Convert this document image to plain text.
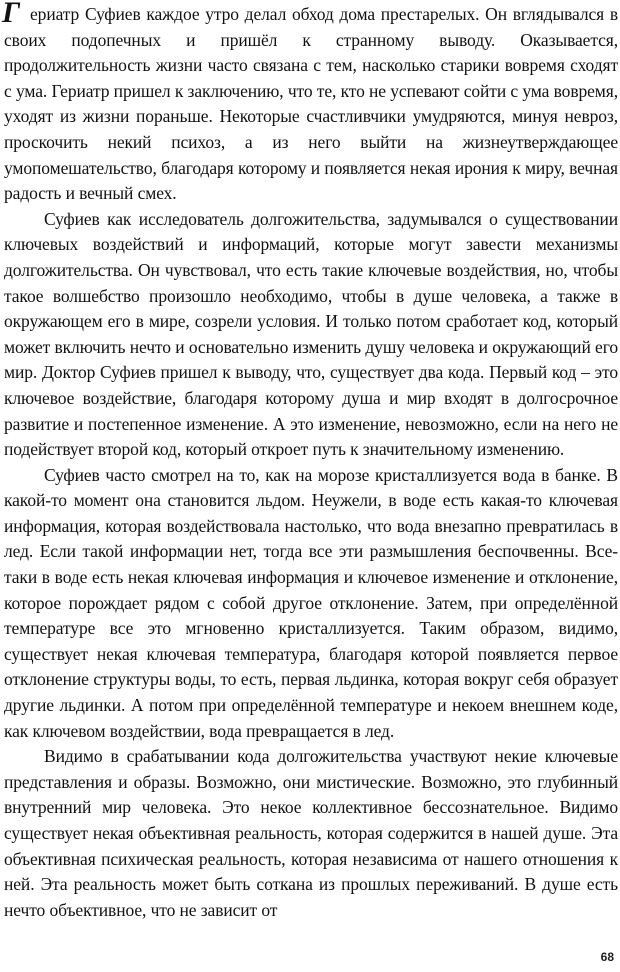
Г ериатр Суфиев каждое утро делал обход дома престарелых. Он вглядывался в своих подопечных и пришёл к странному выводу. Оказывается, продолжительность жизни часто связана с тем, насколько старики вовремя сходят с ума. Гериатр пришел к заключению, что те, кто не успевают сойти с ума вовремя, уходят из жизни пораньше. Некоторые счастливчики умудряются, минуя невроз, проскочить некий психоз, а из него выйти на жизнеутверждающее умопомешательство, благодаря которому и появляется некая ирония к миру, вечная радость и вечный смех.

Суфиев как исследователь долгожительства, задумывался о существовании ключевых воздействий и информаций, которые могут завести механизмы долгожительства. Он чувствовал, что есть такие ключевые воздействия, но, чтобы такое волшебство произошло необходимо, чтобы в душе человека, а также в окружающем его в мире, созрели условия. И только потом сработает код, который может включить нечто и основательно изменить душу человека и окружающий его мир. Доктор Суфиев пришел к выводу, что, существует два кода. Первый код – это ключевое воздействие, благодаря которому душа и мир входят в долгосрочное развитие и постепенное изменение. А это изменение, невозможно, если на него не подействует второй код, который откроет путь к значительному изменению.

Суфиев часто смотрел на то, как на морозе кристаллизуется вода в банке. В какой-то момент она становится льдом. Неужели, в воде есть какая-то ключевая информация, которая воздействовала настолько, что вода внезапно превратилась в лед. Если такой информации нет, тогда все эти размышления беспочвенны. Все-таки в воде есть некая ключевая информация и ключевое изменение и отклонение, которое порождает рядом с собой другое отклонение. Затем, при определённой температуре все это мгновенно кристаллизуется. Таким образом, видимо, существует некая ключевая температура, благодаря которой появляется первое отклонение структуры воды, то есть, первая льдинка, которая вокруг себя образует другие льдинки. А потом при определённой температуре и некоем внешнем коде, как ключевом воздействии, вода превращается в лед.

Видимо в срабатывании кода долгожительства участвуют некие ключевые представления и образы. Возможно, они мистические. Возможно, это глубинный внутренний мир человека. Это некое коллективное бессознательное. Видимо существует некая объективная реальность, которая содержится в нашей душе. Эта объективная психическая реальность, которая независима от нашего отношения к ней. Эта реальность может быть соткана из прошлых переживаний. В душе есть нечто объективное, что не зависит от

68
